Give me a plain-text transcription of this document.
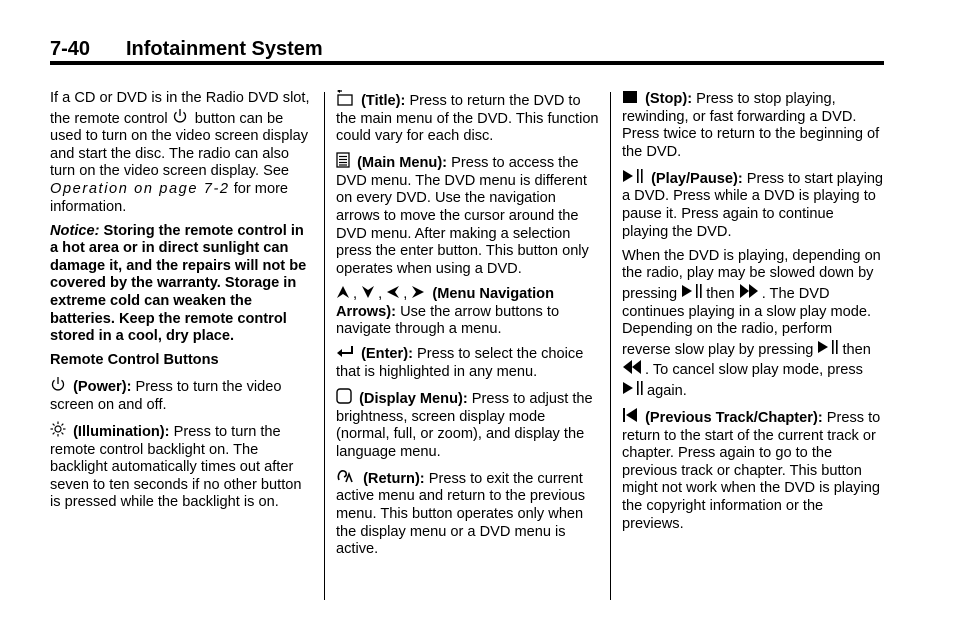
7-40 Infotainment System

If a CD or DVD is in the Radio DVD slot, the remote control button can be used to turn on the video screen display and start the disc. The radio can also turn on the video screen display. See Operation on page 7-2 for more information.

Notice: Storing the remote control in a hot area or in direct sunlight can damage it, and the repairs will not be covered by the warranty. Storage in extreme cold can weaken the batteries. Keep the remote control stored in a cool, dry place.

Remote Control Buttons

(Power): Press to turn the video screen on and off.

(Illumination): Press to turn the remote control backlight on. The backlight automatically times out after seven to ten seconds if no other button is pressed while the backlight is on.

(Title): Press to return the DVD to the main menu of the DVD. This function could vary for each disc.

(Main Menu): Press to access the DVD menu. The DVD menu is different on every DVD. Use the navigation arrows to move the cursor around the DVD menu. After making a selection press the enter button. This button only operates when using a DVD.

, , ,  (Menu Navigation Arrows): Use the arrow buttons to navigate through a menu.

(Enter): Press to select the choice that is highlighted in any menu.

(Display Menu): Press to adjust the brightness, screen display mode (normal, full, or zoom), and display the language menu.

(Return): Press to exit the current active menu and return to the previous menu. This button operates only when the display menu or a DVD menu is active.

(Stop): Press to stop playing, rewinding, or fast forwarding a DVD. Press twice to return to the beginning of the DVD.

(Play/Pause): Press to start playing a DVD. Press while a DVD is playing to pause it. Press again to continue playing the DVD.

When the DVD is playing, depending on the radio, play may be slowed down by pressing then . The DVD continues playing in a slow play mode. Depending on the radio, perform reverse slow play by pressing then . To cancel slow play mode, press again.

(Previous Track/Chapter): Press to return to the start of the current track or chapter. Press again to go to the previous track or chapter. This button might not work when the DVD is playing the copyright information or the previews.
